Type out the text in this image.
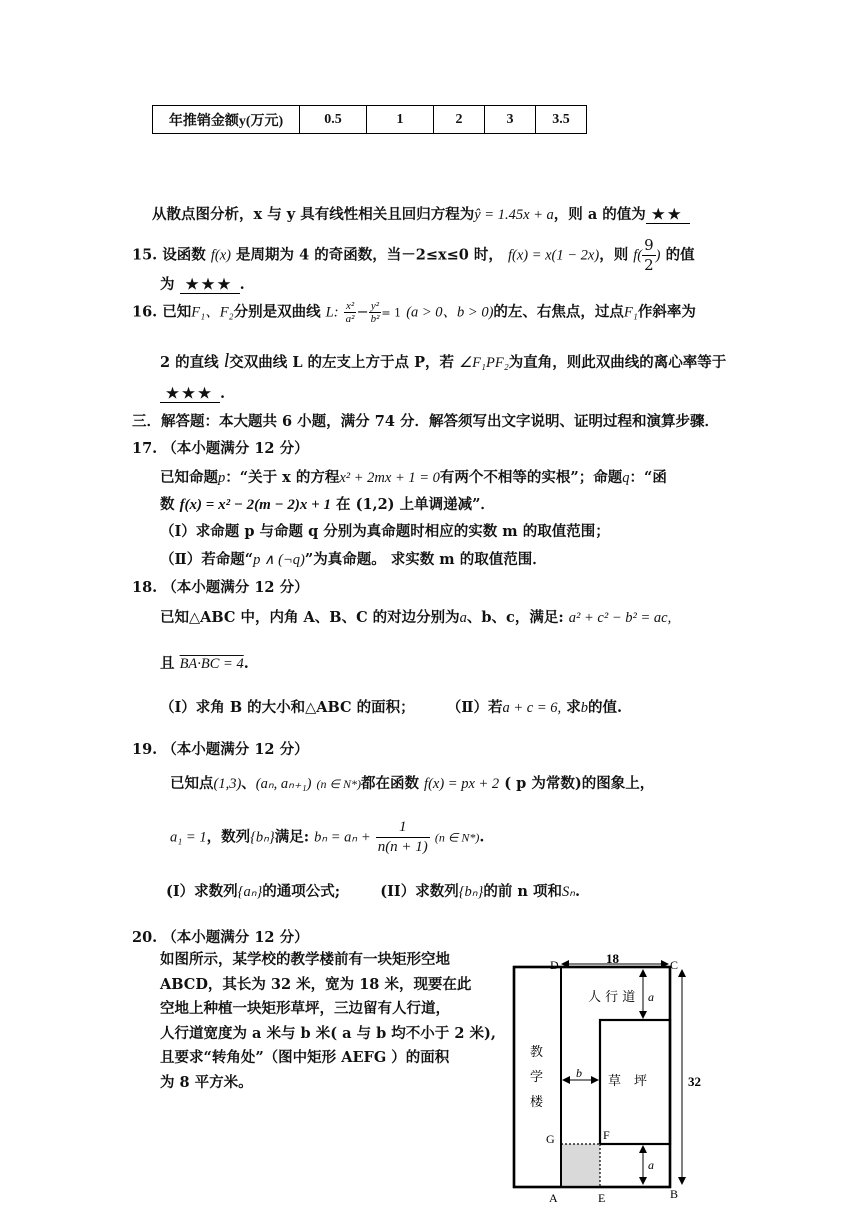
年推销金额y(万元)	0.5	1	2	3	3.5
从散点图分析，x 与 y 具有线性相关且回归方程为ŷ = 1.45x + a，则 a 的值为 ★★
15. 设函数 f(x) 是周期为 4 的奇函数，当－2≤x≤0 时， f(x) = x(1 − 2x)，则 $f( \frac{9}{2}$ ) 的值
为 ★★★ .
16. 已知F₁、F₂分别是双曲线 L: $\frac{\text{x²}}{\text{a²}} - \frac{\text{y²}}{\text{b²}} = 1$ (a > 0、b > 0)的左、右焦点，过点F₁作斜率为
2 的直线 l交双曲线 L 的左支上方于点 P，若 ∠F₁PF₂为直角，则此双曲线的离心率等于
★★★ .
三．解答题：本大题共 6 小题，满分 74 分．解答须写出文字说明、证明过程和演算步骤．
17. （本小题满分 12 分）
已知命题p：“关于 x 的方程x² + 2mx + 1 = 0有两个不相等的实根”；命题q：“函
数 f(x) = x² − 2(m − 2)x + 1 在 (1,2) 上单调递减”．
（Ⅰ）求命题 p 与命题 q 分别为真命题时相应的实数 m 的取值范围；
（Ⅱ）若命题“p ∧ (¬q)”为真命题。 求实数 m 的取值范围．
18. （本小题满分 12 分）
已知△ABC 中，内角 A、B、C 的对边分别为a、b、c，满足: a² + c² − b² = ac,
且 BA·BC = 4.
（Ⅰ）求角 B 的大小和△ABC 的面积； （Ⅱ）若a + c = 6, 求b的值.
19. （本小题满分 12 分）
已知点(1,3)、(aₙ, aₙ₊₁) (n ∈ N*)都在函数 f(x) = px + 2 ( p 为常数)的图象上，
a₁ = 1，数列{bₙ}满足: $b_n = a_n + \frac{1}{n(n + 1)} (n$ ∈ N*).
(I）求数列{aₙ}的通项公式;	(II）求数列{bₙ}的前 n 项和Sₙ.
20. （本小题满分 12 分）
如图所示，某学校的教学楼前有一块矩形空地
ABCD，其长为 32 米，宽为 18 米，现要在此
空地上种植一块矩形草坪，三边留有人行道，
人行道宽度为 a 米与 b 米( a 与 b 均不小于 2 米),
且要求“转角处”（图中矩形 AEFG ）的面积
为 8 平方米。
D	C
A	E	B
F
G
18
32
a
a
b
人 行 道
草　坪
教
学
楼
